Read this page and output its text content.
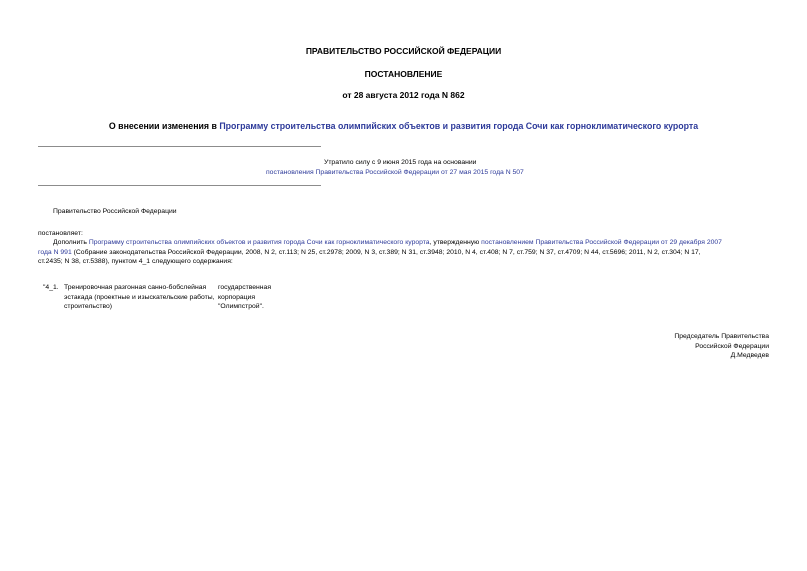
ПРАВИТЕЛЬСТВО РОССИЙСКОЙ ФЕДЕРАЦИИ
ПОСТАНОВЛЕНИЕ
от 28 августа 2012 года N 862
О внесении изменения в Программу строительства олимпийских объектов и развития города Сочи как горноклиматического курорта
Утратило силу с 9 июня 2015 года на основании
постановления Правительства Российской Федерации от 27 мая 2015 года N 507
Правительство Российской Федерации
постановляет:
Дополнить Программу строительства олимпийских объектов и развития города Сочи как горноклиматического курорта, утвержденную постановлением Правительства Российской Федерации от 29 декабря 2007
года N 991 (Собрание законодательства Российской Федерации, 2008, N 2, ст.113; N 25, ст.2978; 2009, N 3, ст.389; N 31, ст.3948; 2010, N 4, ст.408; N 7, ст.759; N 37, ст.4709; N 44, ст.5696; 2011, N 2, ст.304; N 17,
ст.2435; N 38, ст.5388), пунктом 4_1 следующего содержания:
"4_1. Тренировочная разгонная санно-бобслейная
эстакада (проектные и изыскательские работы,
строительство)
государственная
корпорация
"Олимпстрой".
Председатель Правительства
Российской Федерации
Д.Медведев
